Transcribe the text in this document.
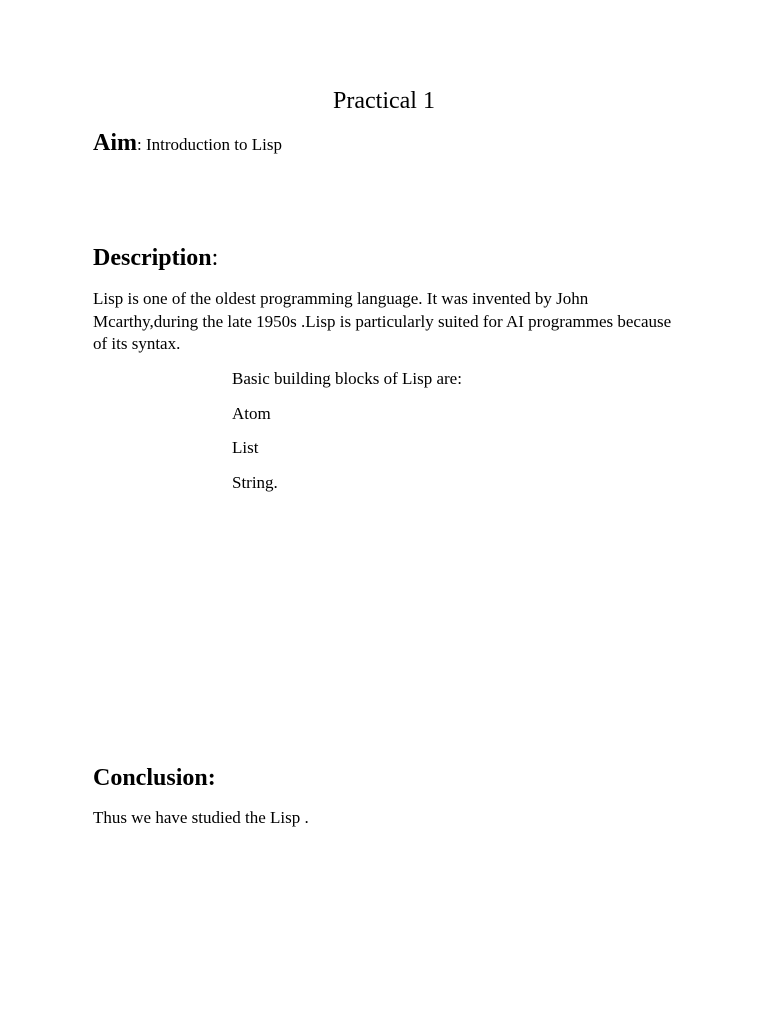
Practical 1
Aim: Introduction to Lisp
Description:
Lisp is one of the oldest programming language. It was invented by John Mcarthy,during the late 1950s .Lisp is particularly suited for AI programmes because of its syntax.
Basic building blocks of Lisp are:
Atom
List
String.
Conclusion:
Thus we have studied the Lisp .
